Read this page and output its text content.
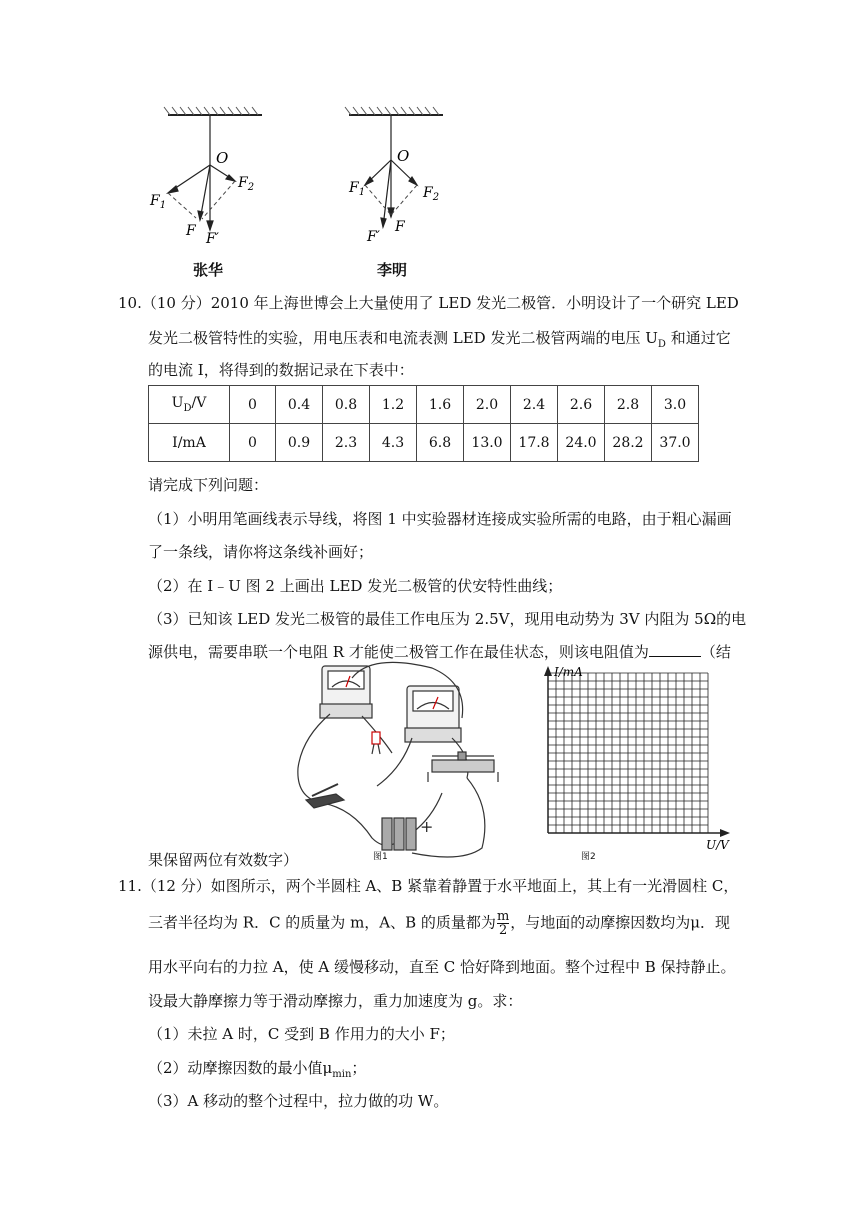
O
$F_1$
$F_2$
F F′
张华
O
$F_1$	$F_2$
F′
F
李明
10.（10 分）2010 年上海世博会上大量使用了 LED 发光二极管．小明设计了一个研究 LED
发光二极管特性的实验，用电压表和电流表测 LED 发光二极管两端的电压 $U_D$ 和通过它
的电流 I，将得到的数据记录在下表中：
$U_D/V$	0	0.4	0.8	1.2	1.6	2.0	2.4	2.6	2.8	3.0
I/mA	0	0.9	2.3	4.3	6.8	13.0	17.8	24.0	28.2	37.0
请完成下列问题：
（1）小明用笔画线表示导线，将图 1 中实验器材连接成实验所需的电路，由于粗心漏画
了一条线，请你将这条线补画好；
（2）在 I﹣U 图 2 上画出 LED 发光二极管的伏安特性曲线；
（3）已知该 LED 发光二极管的最佳工作电压为 2.5V，现用电动势为 3V 内阻为 5Ω的电
源供电，需要串联一个电阻 R 才能使二极管工作在最佳状态，则该电阻值为	（结
果保留两位有效数字）
+
图1
I/mA
U/V
图2
11.（12 分）如图所示，两个半圆柱 A、B 紧靠着静置于水平地面上，其上有一光滑圆柱 C，
三者半径均为 R．C 的质量为 m，A、B 的质量都为 $\frac{m}{2}$ ，与地面的动摩擦因数均为μ．现
用水平向右的力拉 A，使 A 缓慢移动，直至 C 恰好降到地面。整个过程中 B 保持静止。
设最大静摩擦力等于滑动摩擦力，重力加速度为 g。求：
（1）未拉 A 时，C 受到 B 作用力的大小 F；
（2）动摩擦因数的最小值$\mu_{min}$；
（3）A 移动的整个过程中，拉力做的功 W。
